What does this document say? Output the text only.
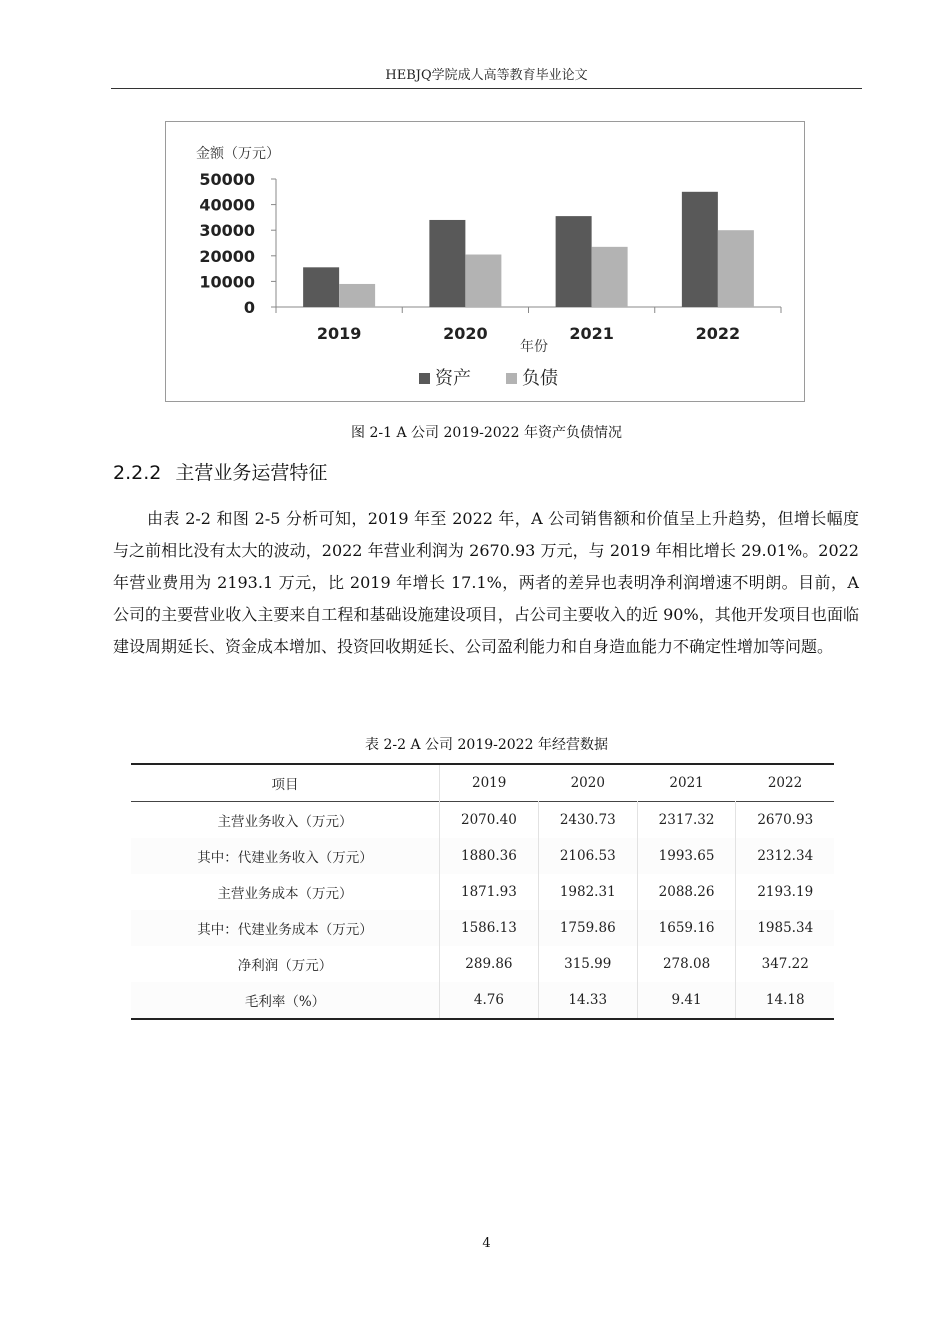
HEBJQ学院成人高等教育毕业论文
金额（万元）
50000
40000
30000
20000
10000
0
2019	2020	2021	2022
年份
资产	负债
图 2-1 A 公司 2019-2022 年资产负债情况
2.2.2 主营业务运营特征
由表 2-2 和图 2-5 分析可知，2019 年至 2022 年，A 公司销售额和价值呈上升趋势，但增长幅度与之前相比没有太大的波动，2022 年营业利润为 2670.93 万元，与 2019 年相比增长 29.01%。2022 年营业费用为 2193.1 万元，比 2019 年增长 17.1%，两者的差异也表明净利润增速不明朗。目前，A 公司的主要营业收入主要来自工程和基础设施建设项目，占公司主要收入的近 90%，其他开发项目也面临建设周期延长、资金成本增加、投资回收期延长、公司盈利能力和自身造血能力不确定性增加等问题。
表 2-2 A 公司 2019-2022 年经营数据
项目	2019	2020	2021	2022
主营业务收入（万元）	2070.40	2430.73	2317.32	2670.93
其中：代建业务收入（万元）	1880.36	2106.53	1993.65	2312.34
主营业务成本（万元）	1871.93	1982.31	2088.26	2193.19
其中：代建业务成本（万元）	1586.13	1759.86	1659.16	1985.34
净利润（万元）	289.86	315.99	278.08	347.22
毛利率（%）	4.76	14.33	9.41	14.18
4
